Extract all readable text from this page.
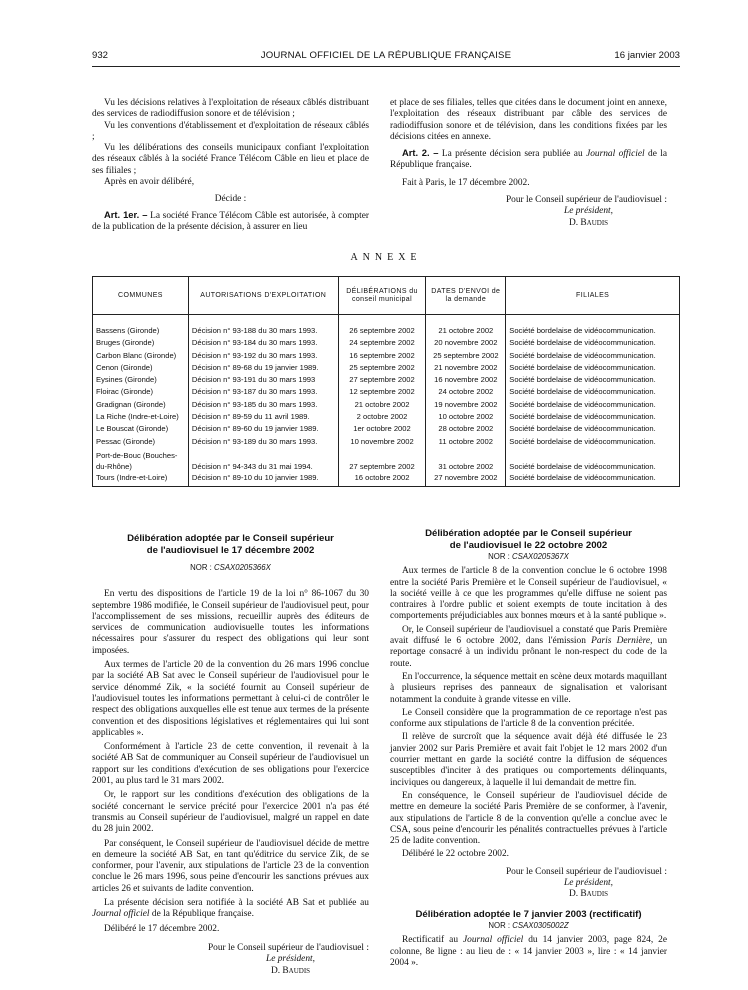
932	JOURNAL OFFICIEL DE LA RÉPUBLIQUE FRANÇAISE	16 janvier 2003

Vu les décisions relatives à l'exploitation de réseaux câblés distribuant des services de radiodiffusion sonore et de télévision ;

Vu les conventions d'établissement et d'exploitation de réseaux câblés ;

Vu les délibérations des conseils municipaux confiant l'exploitation des réseaux câblés à la société France Télécom Câble en lieu et place de ses filiales ;

Après en avoir délibéré,

Décide :

Art. 1er. – La société France Télécom Câble est autorisée, à compter de la publication de la présente décision, à assurer en lieu

et place de ses filiales, telles que citées dans le document joint en annexe, l'exploitation des réseaux distribuant par câble des services de radiodiffusion sonore et de télévision, dans les conditions fixées par les décisions citées en annexe.

Art. 2. – La présente décision sera publiée au Journal officiel de la République française.

Fait à Paris, le 17 décembre 2002.

Pour le Conseil supérieur de l'audiovisuel :

Le président,

D. Baudis

ANNEXE
COMMUNES	AUTORISATIONS D'EXPLOITATION	DÉLIBÉRATIONS du conseil municipal	DATES D'ENVOI de la demande	FILIALES
Bassens (Gironde)	Décision n° 93-188 du 30 mars 1993.	26 septembre 2002	21 octobre 2002	Société bordelaise de vidéocommunication.
Bruges (Gironde)	Décision n° 93-184 du 30 mars 1993.	24 septembre 2002	20 novembre 2002	Société bordelaise de vidéocommunication.
Carbon Blanc (Gironde)	Décision n° 93-192 du 30 mars 1993.	16 septembre 2002	25 septembre 2002	Société bordelaise de vidéocommunication.
Cenon (Gironde)	Décision n° 89-68 du 19 janvier 1989.	25 septembre 2002	21 novembre 2002	Société bordelaise de vidéocommunication.
Eysines (Gironde)	Décision n° 93-191 du 30 mars 1993	27 septembre 2002	16 novembre 2002	Société bordelaise de vidéocommunication.
Floirac (Gironde)	Décision n° 93-187 du 30 mars 1993.	12 septembre 2002	24 octobre 2002	Société bordelaise de vidéocommunication.
Gradignan (Gironde)	Décision n° 93-185 du 30 mars 1993.	21 octobre 2002	19 novembre 2002	Société bordelaise de vidéocommunication.
La Riche (Indre-et-Loire)	Décision n° 89-59 du 11 avril 1989.	2 octobre 2002	10 octobre 2002	Société bordelaise de vidéocommunication.
Le Bouscat (Gironde)	Décision n° 89-60 du 19 janvier 1989.	1er octobre 2002	28 octobre 2002	Société bordelaise de vidéocommunication.
Pessac (Gironde)	Décision n° 93-189 du 30 mars 1993.	10 novembre 2002	11 octobre 2002	Société bordelaise de vidéocommunication.
Port-de-Bouc (Bouches-du-Rhône)	Décision n° 94-343 du 31 mai 1994.	27 septembre 2002	31 octobre 2002	Société bordelaise de vidéocommunication.
Tours (Indre-et-Loire)	Décision n° 89-10 du 10 janvier 1989.	16 octobre 2002	27 novembre 2002	Société bordelaise de vidéocommunication.
Délibération adoptée par le Conseil supérieur
de l'audiovisuel le 17 décembre 2002
NOR : CSAX0205366X

En vertu des dispositions de l'article 19 de la loi n° 86-1067 du 30 septembre 1986 modifiée, le Conseil supérieur de l'audiovisuel peut, pour l'accomplissement de ses missions, recueillir auprès des éditeurs de services de communication audiovisuelle toutes les informations nécessaires pour s'assurer du respect des obligations qui leur sont imposées.

Aux termes de l'article 20 de la convention du 26 mars 1996 conclue par la société AB Sat avec le Conseil supérieur de l'audiovisuel pour le service dénommé Zik, « la société fournit au Conseil supérieur de l'audiovisuel toutes les informations permettant à celui-ci de contrôler le respect des obligations auxquelles elle est tenue aux termes de la présente convention et des dispositions législatives et réglementaires qui lui sont applicables ».

Conformément à l'article 23 de cette convention, il revenait à la société AB Sat de communiquer au Conseil supérieur de l'audiovisuel un rapport sur les conditions d'exécution de ses obligations pour l'exercice 2001, au plus tard le 31 mars 2002.

Or, le rapport sur les conditions d'exécution des obligations de la société concernant le service précité pour l'exercice 2001 n'a pas été transmis au Conseil supérieur de l'audiovisuel, malgré un rappel en date du 28 juin 2002.

Par conséquent, le Conseil supérieur de l'audiovisuel décide de mettre en demeure la société AB Sat, en tant qu'éditrice du service Zik, de se conformer, pour l'avenir, aux stipulations de l'article 23 de la convention conclue le 26 mars 1996, sous peine d'encourir les sanctions prévues aux articles 26 et suivants de ladite convention.

La présente décision sera notifiée à la société AB Sat et publiée au Journal officiel de la République française.

Délibéré le 17 décembre 2002.

Pour le Conseil supérieur de l'audiovisuel :

Le président,

D. Baudis

Délibération adoptée par le Conseil supérieur
de l'audiovisuel le 22 octobre 2002
NOR : CSAX0205367X

Aux termes de l'article 8 de la convention conclue le 6 octobre 1998 entre la société Paris Première et le Conseil supérieur de l'audiovisuel, « la société veille à ce que les programmes qu'elle diffuse ne soient pas contraires à l'ordre public et soient exempts de toute incitation à des comportements préjudiciables aux bonnes mœurs et à la santé publique ».

Or, le Conseil supérieur de l'audiovisuel a constaté que Paris Première avait diffusé le 6 octobre 2002, dans l'émission Paris Dernière, un reportage consacré à un individu prônant le non-respect du code de la route.

En l'occurrence, la séquence mettait en scène deux motards maquillant à plusieurs reprises des panneaux de signalisation et valorisant notamment la conduite à grande vitesse en ville.

Le Conseil considère que la programmation de ce reportage n'est pas conforme aux stipulations de l'article 8 de la convention précitée.

Il relève de surcroît que la séquence avait déjà été diffusée le 23 janvier 2002 sur Paris Première et avait fait l'objet le 12 mars 2002 d'un courrier mettant en garde la société contre la diffusion de séquences susceptibles d'inciter à des pratiques ou comportements délinquants, inciviques ou dangereux, à laquelle il lui demandait de mettre fin.

En conséquence, le Conseil supérieur de l'audiovisuel décide de mettre en demeure la société Paris Première de se conformer, à l'avenir, aux stipulations de l'article 8 de la convention qu'elle a conclue avec le CSA, sous peine d'encourir les pénalités contractuelles prévues à l'article 25 de ladite convention.

Délibéré le 22 octobre 2002.

Pour le Conseil supérieur de l'audiovisuel :

Le président,

D. Baudis

Délibération adoptée le 7 janvier 2003 (rectificatif)
NOR : CSAX0305002Z

Rectificatif au Journal officiel du 14 janvier 2003, page 824, 2e colonne, 8e ligne : au lieu de : « 14 janvier 2003 », lire : « 14 janvier 2004 ».
